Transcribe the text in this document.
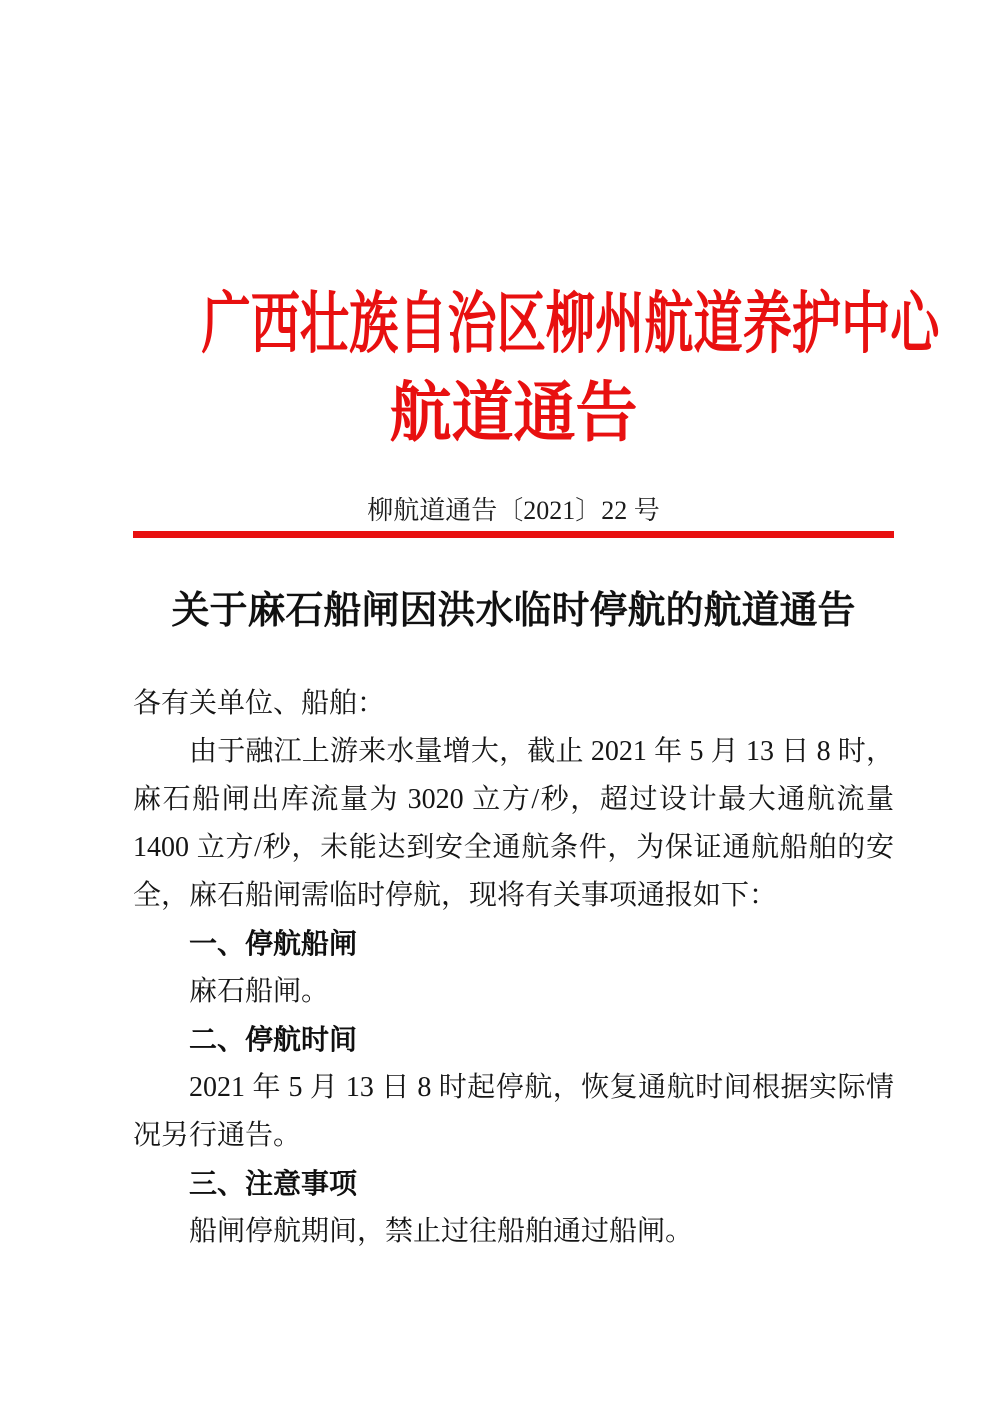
广西壮族自治区柳州航道养护中心
航道通告
柳航道通告〔2021〕22 号
关于麻石船闸因洪水临时停航的航道通告

各有关单位、船舶：

由于融江上游来水量增大，截止 2021 年 5 月 13 日 8 时，麻石船闸出库流量为 3020 立方/秒，超过设计最大通航流量 1400 立方/秒，未能达到安全通航条件，为保证通航船舶的安全，麻石船闸需临时停航，现将有关事项通报如下：

一、停航船闸

麻石船闸。

二、停航时间

2021 年 5 月 13 日 8 时起停航，恢复通航时间根据实际情况另行通告。

三、注意事项

船闸停航期间，禁止过往船舶通过船闸。
